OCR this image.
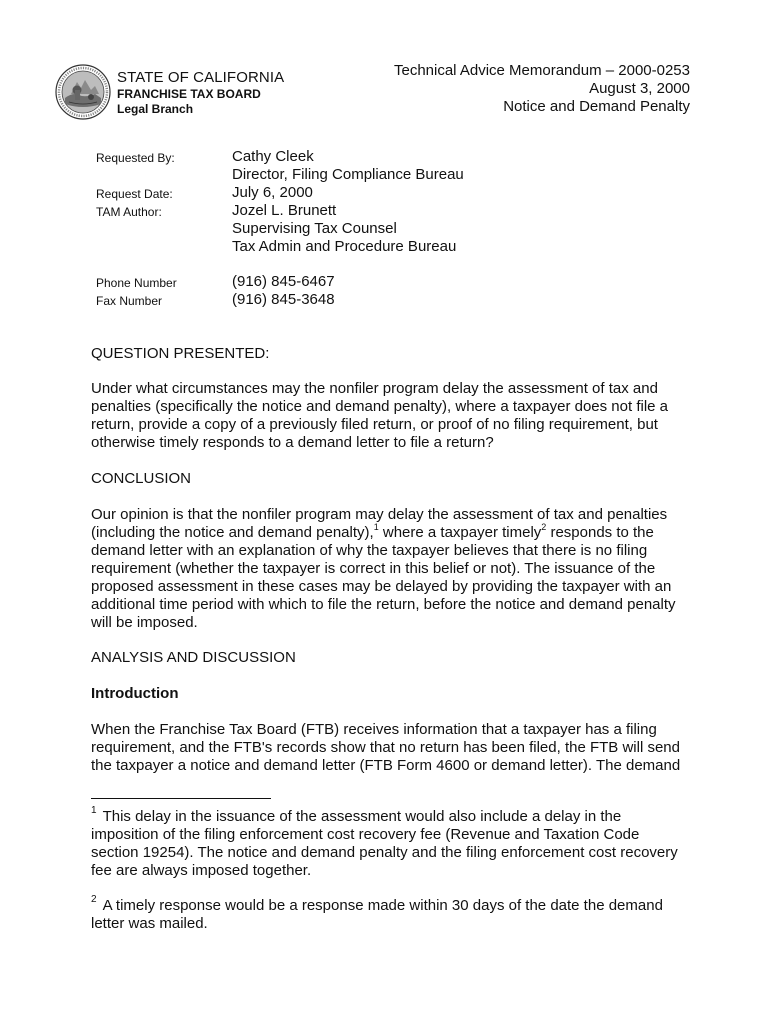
STATE OF CALIFORNIA
FRANCHISE TAX BOARD
Legal Branch
Technical Advice Memorandum – 2000-0253
August 3, 2000
Notice and Demand Penalty
Requested By:	Cathy Cleek
Director, Filing Compliance Bureau
Request Date:	July 6, 2000
TAM Author:	Jozel L. Brunett
Supervising Tax Counsel
Tax Admin and Procedure Bureau
Phone Number	(916) 845-6467
Fax Number	(916) 845-3648
QUESTION PRESENTED:
Under what circumstances may the nonfiler program delay the assessment of tax and
penalties (specifically the notice and demand penalty), where a taxpayer does not file a
return, provide a copy of a previously filed return, or proof of no filing requirement, but
otherwise timely responds to a demand letter to file a return?
CONCLUSION
Our opinion is that the nonfiler program may delay the assessment of tax and penalties
(including the notice and demand penalty),$^1$ where a taxpayer timely$^2$ responds to the
demand letter with an explanation of why the taxpayer believes that there is no filing
requirement (whether the taxpayer is correct in this belief or not). The issuance of the
proposed assessment in these cases may be delayed by providing the taxpayer with an
additional time period with which to file the return, before the notice and demand penalty
will be imposed.
ANALYSIS AND DISCUSSION
Introduction
When the Franchise Tax Board (FTB) receives information that a taxpayer has a filing
requirement, and the FTB's records show that no return has been filed, the FTB will send
the taxpayer a notice and demand letter (FTB Form 4600 or demand letter). The demand
$^1$ This delay in the issuance of the assessment would also include a delay in the
imposition of the filing enforcement cost recovery fee (Revenue and Taxation Code
section 19254). The notice and demand penalty and the filing enforcement cost recovery
fee are always imposed together.
$^2$ A timely response would be a response made within 30 days of the date the demand
letter was mailed.
